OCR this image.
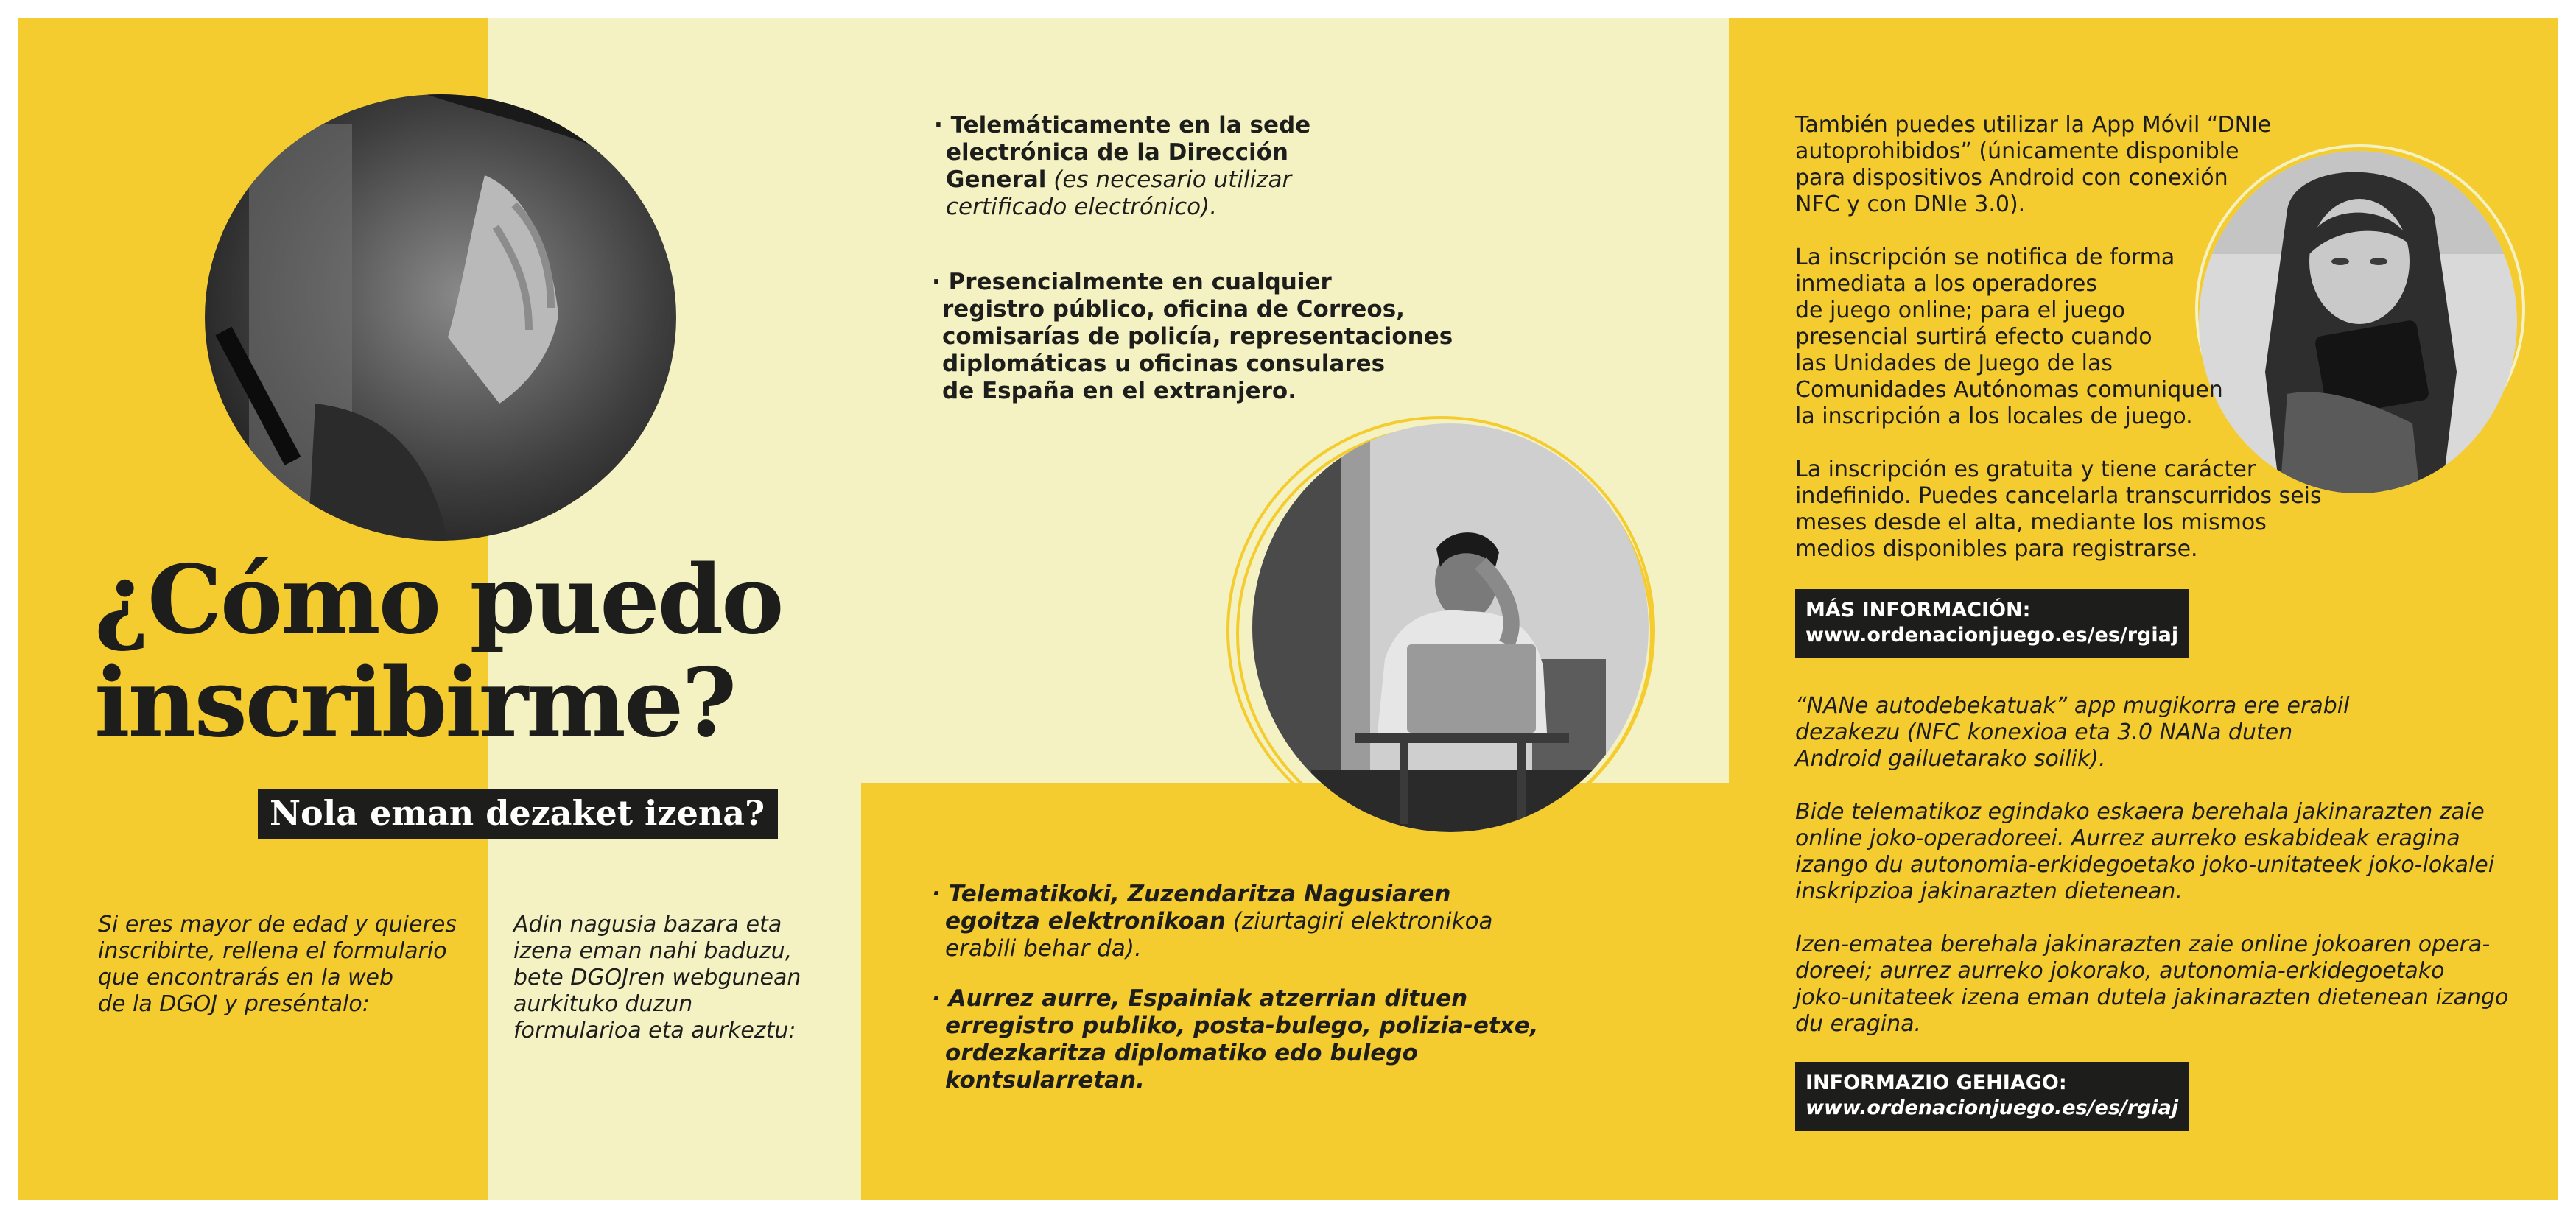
¿Cómo puedo
inscribirme?
Nola eman dezaket izena?
Si eres mayor de edad y quieres
inscribirte, rellena el formulario
que encontrarás en la web
de la DGOJ y preséntalo:
Adin nagusia bazara eta
izena eman nahi baduzu,
bete DGOJren webgunean
aurkituko duzun
formularioa eta aurkeztu:
· Telemáticamente en la sede
electrónica de la Dirección
General (es necesario utilizar
certificado electrónico).
· Presencialmente en cualquier
registro público, oficina de Correos,
comisarías de policía, representaciones
diplomáticas u oficinas consulares
de España en el extranjero.
· Telematikoki, Zuzendaritza Nagusiaren
egoitza elektronikoan (ziurtagiri elektronikoa
erabili behar da).
· Aurrez aurre, Espainiak atzerrian dituen
erregistro publiko, posta-bulego, polizia-etxe,
ordezkaritza diplomatiko edo bulego
kontsularretan.
También puedes utilizar la App Móvil “DNIe
autoprohibidos” (únicamente disponible
para dispositivos Android con conexión
NFC y con DNIe 3.0).
La inscripción se notifica de forma
inmediata a los operadores
de juego online; para el juego
presencial surtirá efecto cuando
las Unidades de Juego de las
Comunidades Autónomas comuniquen
la inscripción a los locales de juego.
La inscripción es gratuita y tiene carácter
indefinido. Puedes cancelarla transcurridos seis
meses desde el alta, mediante los mismos
medios disponibles para registrarse.
MÁS INFORMACIÓN:
www.ordenacionjuego.es/es/rgiaj
“NANe autodebekatuak” app mugikorra ere erabil
dezakezu (NFC konexioa eta 3.0 NANa duten
Android gailuetarako soilik).
Bide telematikoz egindako eskaera berehala jakinarazten zaie
online joko-operadoreei. Aurrez aurreko eskabideak eragina
izango du autonomia-erkidegoetako joko-unitateek joko-lokalei
inskripzioa jakinarazten dietenean.
Izen-ematea berehala jakinarazten zaie online jokoaren opera-
doreei; aurrez aurreko jokorako, autonomia-erkidegoetako
joko-unitateek izena eman dutela jakinarazten dietenean izango
du eragina.
INFORMAZIO GEHIAGO:
www.ordenacionjuego.es/es/rgiaj
